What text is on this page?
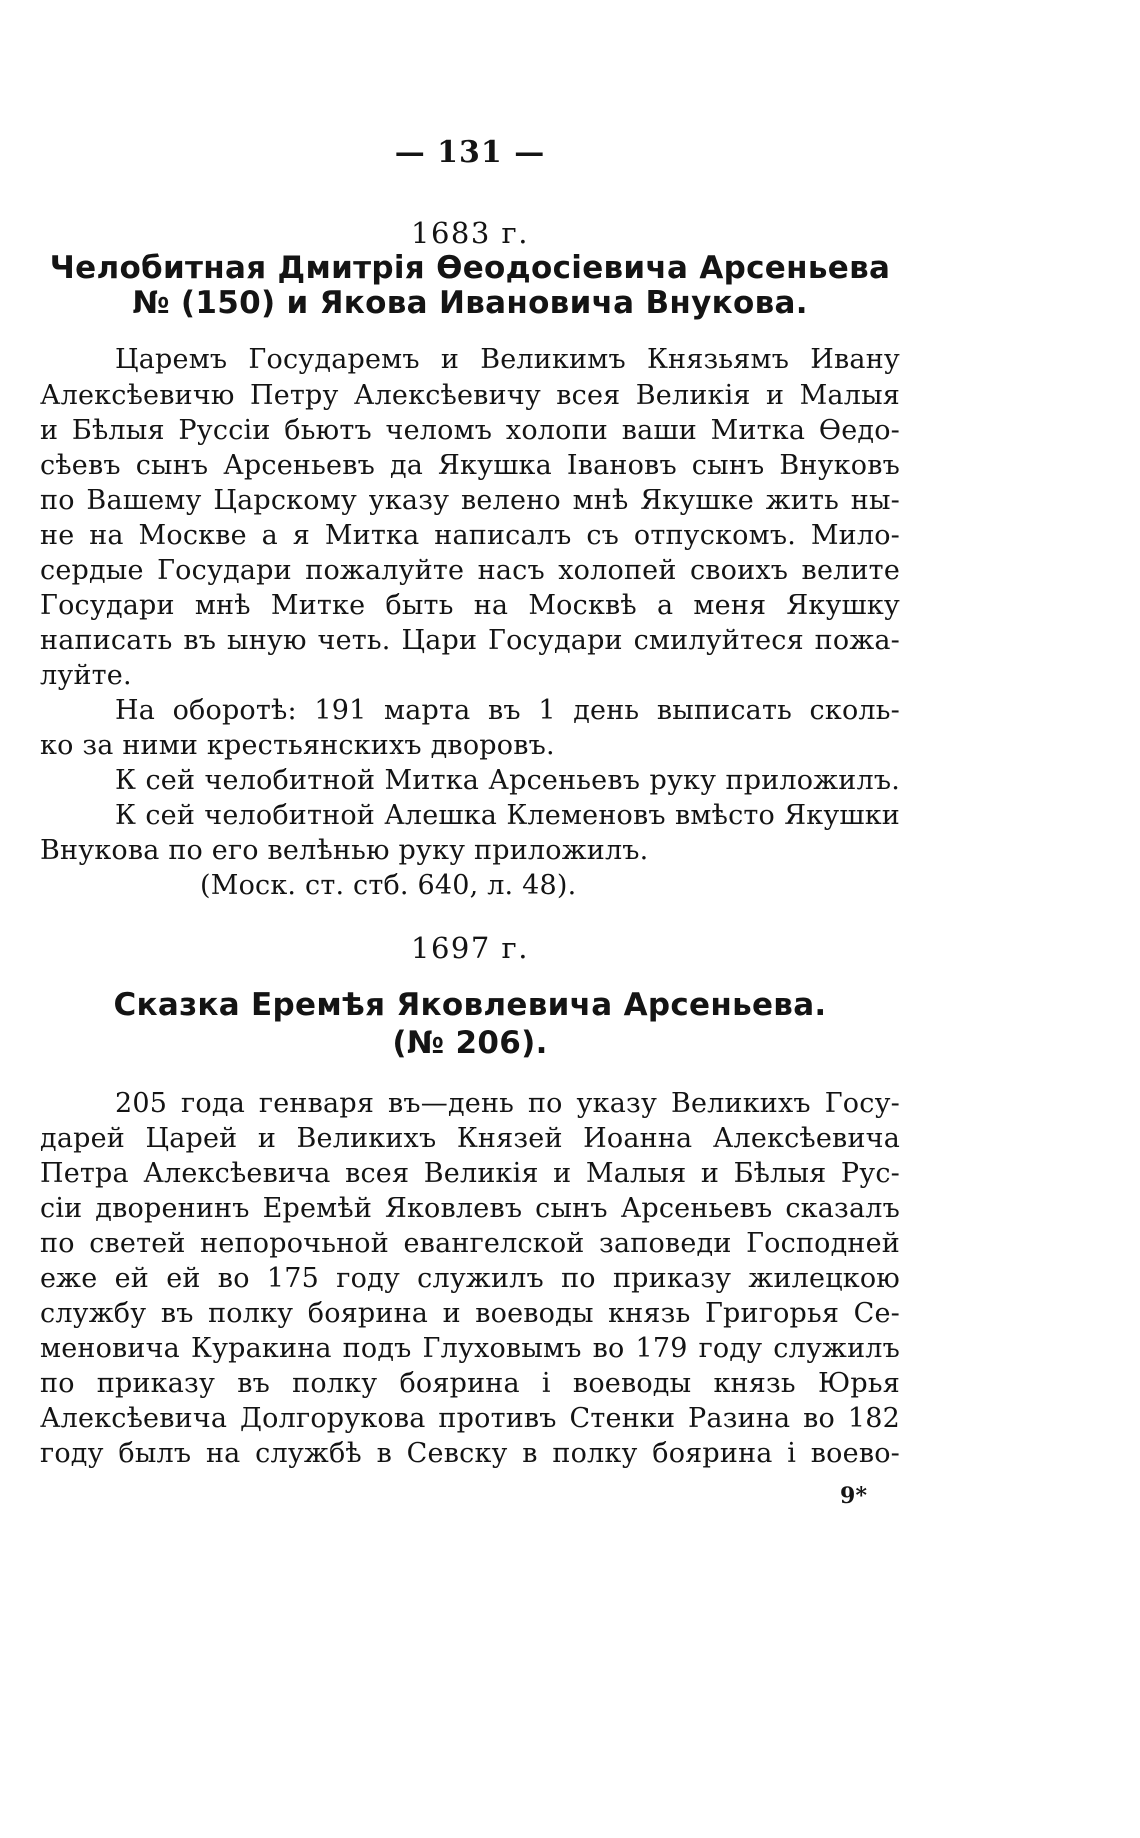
— 131 —
1683 г.
Челобитная Дмитрія Өеодосіевича Арсеньева
№ (150) и Якова Ивановича Внукова.
Царемъ Государемъ и Великимъ Князьямъ Ивану
Алексѣевичю Петру Алексѣевичу всея Великія и Малыя
и Бѣлыя Руссіи бьютъ челомъ холопи ваши Митка Өедо-
сѣевъ сынъ Арсеньевъ да Якушка Івановъ сынъ Внуковъ
по Вашему Царскому указу велено мнѣ Якушке жить ны-
не на Москве а я Митка написалъ съ отпускомъ. Мило-
сердые Государи пожалуйте насъ холопей своихъ велите
Государи мнѣ Митке быть на Москвѣ а меня Якушку
написать въ ыную четь. Цари Государи смилуйтеся пожа-
луйте.
На оборотѣ: 191 марта въ 1 день выписать сколь-
ко за ними крестьянскихъ дворовъ.
К сей челобитной Митка Арсеньевъ руку приложилъ.
К сей челобитной Алешка Клеменовъ вмѣсто Якушки
Внукова по его велѣнью руку приложилъ.
(Моск. ст. стб. 640, л. 48).
1697 г.
Сказка Еремѣя Яковлевича Арсеньева.
(№ 206).
205 года генваря въ—день по указу Великихъ Госу-
дарей Царей и Великихъ Князей Иоанна Алексѣевича
Петра Алексѣевича всея Великія и Малыя и Бѣлыя Рус-
сіи дворенинъ Еремѣй Яковлевъ сынъ Арсеньевъ сказалъ
по светей непорочьной евангелской заповеди Господней
еже ей ей во 175 году служилъ по приказу жилецкою
службу въ полку боярина и воеводы князь Григорья Се-
меновича Куракина подъ Глуховымъ во 179 году служилъ
по приказу въ полку боярина і воеводы князь Юрья
Алексѣевича Долгорукова противъ Стенки Разина во 182
году былъ на службѣ в Севску в полку боярина і воево-
9*
